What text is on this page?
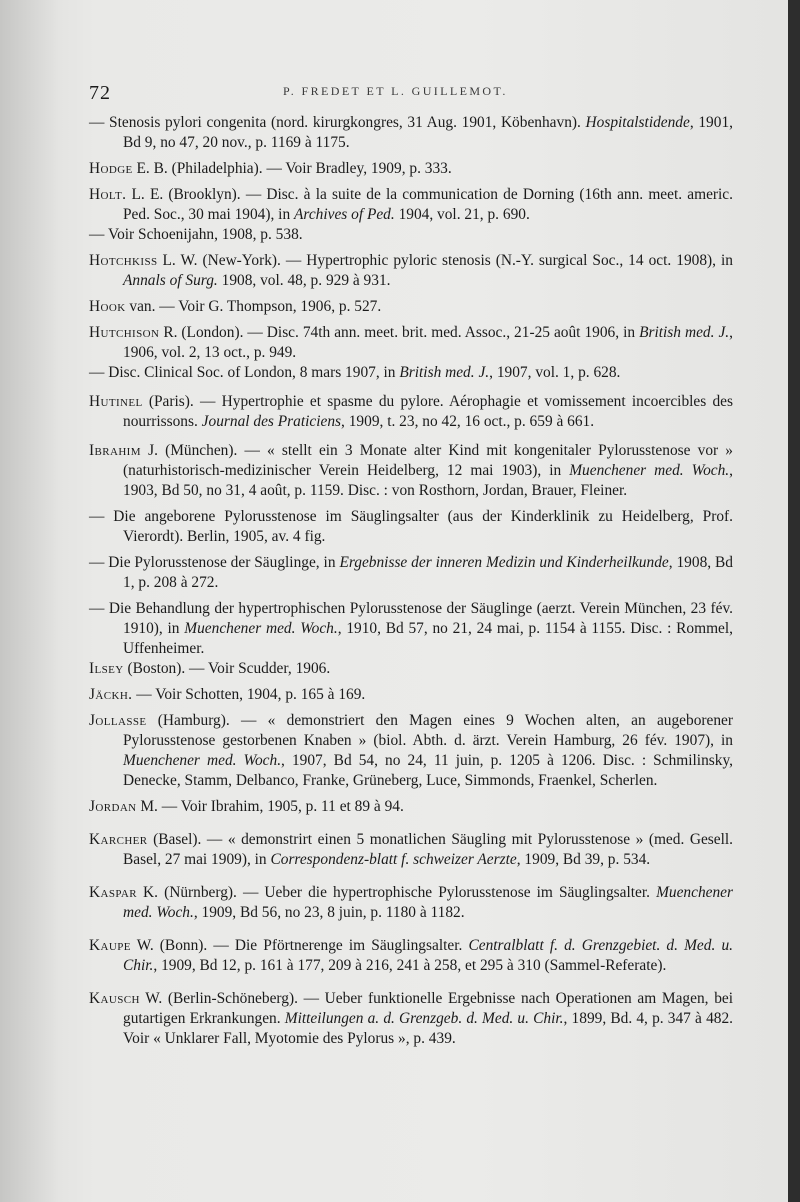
72	P. FREDET ET L. GUILLEMOT.

— Stenosis pylori congenita (nord. kirurgkongres, 31 Aug. 1901, Köbenhavn). Hospitalstidende, 1901, Bd 9, no 47, 20 nov., p. 1169 à 1175.

Hodge E. B. (Philadelphia). — Voir Bradley, 1909, p. 333.

Holt. L. E. (Brooklyn). — Disc. à la suite de la communication de Dorning (16th ann. meet. americ. Ped. Soc., 30 mai 1904), in Archives of Ped. 1904, vol. 21, p. 690.

— Voir Schoenijahn, 1908, p. 538.

Hotchkiss L. W. (New-York). — Hypertrophic pyloric stenosis (N.-Y. surgical Soc., 14 oct. 1908), in Annals of Surg. 1908, vol. 48, p. 929 à 931.

Hook van. — Voir G. Thompson, 1906, p. 527.

Hutchison R. (London). — Disc. 74th ann. meet. brit. med. Assoc., 21-25 août 1906, in British med. J., 1906, vol. 2, 13 oct., p. 949.

— Disc. Clinical Soc. of London, 8 mars 1907, in British med. J., 1907, vol. 1, p. 628.

Hutinel (Paris). — Hypertrophie et spasme du pylore. Aérophagie et vomissement incoercibles des nourrissons. Journal des Praticiens, 1909, t. 23, no 42, 16 oct., p. 659 à 661.

Ibrahim J. (München). — « stellt ein 3 Monate alter Kind mit kongenitaler Pylorusstenose vor » (naturhistorisch-medizinischer Verein Heidelberg, 12 mai 1903), in Muenchener med. Woch., 1903, Bd 50, no 31, 4 août, p. 1159. Disc. : von Rosthorn, Jordan, Brauer, Fleiner.

— Die angeborene Pylorusstenose im Säuglingsalter (aus der Kinderklinik zu Heidelberg, Prof. Vierordt). Berlin, 1905, av. 4 fig.

— Die Pylorusstenose der Säuglinge, in Ergebnisse der inneren Medizin und Kinderheilkunde, 1908, Bd 1, p. 208 à 272.

— Die Behandlung der hypertrophischen Pylorusstenose der Säuglinge (aerzt. Verein München, 23 fév. 1910), in Muenchener med. Woch., 1910, Bd 57, no 21, 24 mai, p. 1154 à 1155. Disc. : Rommel, Uffenheimer.

Ilsey (Boston). — Voir Scudder, 1906.

Jäckh. — Voir Schotten, 1904, p. 165 à 169.

Jollasse (Hamburg). — « demonstriert den Magen eines 9 Wochen alten, an augeborener Pylorusstenose gestorbenen Knaben » (biol. Abth. d. ärzt. Verein Hamburg, 26 fév. 1907), in Muenchener med. Woch., 1907, Bd 54, no 24, 11 juin, p. 1205 à 1206. Disc. : Schmilinsky, Denecke, Stamm, Delbanco, Franke, Grüneberg, Luce, Simmonds, Fraenkel, Scherlen.

Jordan M. — Voir Ibrahim, 1905, p. 11 et 89 à 94.

Karcher (Basel). — « demonstrirt einen 5 monatlichen Säugling mit Pylorusstenose » (med. Gesell. Basel, 27 mai 1909), in Correspondenz-blatt f. schweizer Aerzte, 1909, Bd 39, p. 534.

Kaspar K. (Nürnberg). — Ueber die hypertrophische Pylorusstenose im Säuglingsalter. Muenchener med. Woch., 1909, Bd 56, no 23, 8 juin, p. 1180 à 1182.

Kaupe W. (Bonn). — Die Pförtnerenge im Säuglingsalter. Centralblatt f. d. Grenzgebiet. d. Med. u. Chir., 1909, Bd 12, p. 161 à 177, 209 à 216, 241 à 258, et 295 à 310 (Sammel-Referate).

Kausch W. (Berlin-Schöneberg). — Ueber funktionelle Ergebnisse nach Operationen am Magen, bei gutartigen Erkrankungen. Mitteilungen a. d. Grenzgeb. d. Med. u. Chir., 1899, Bd. 4, p. 347 à 482. Voir « Unklarer Fall, Myotomie des Pylorus », p. 439.
